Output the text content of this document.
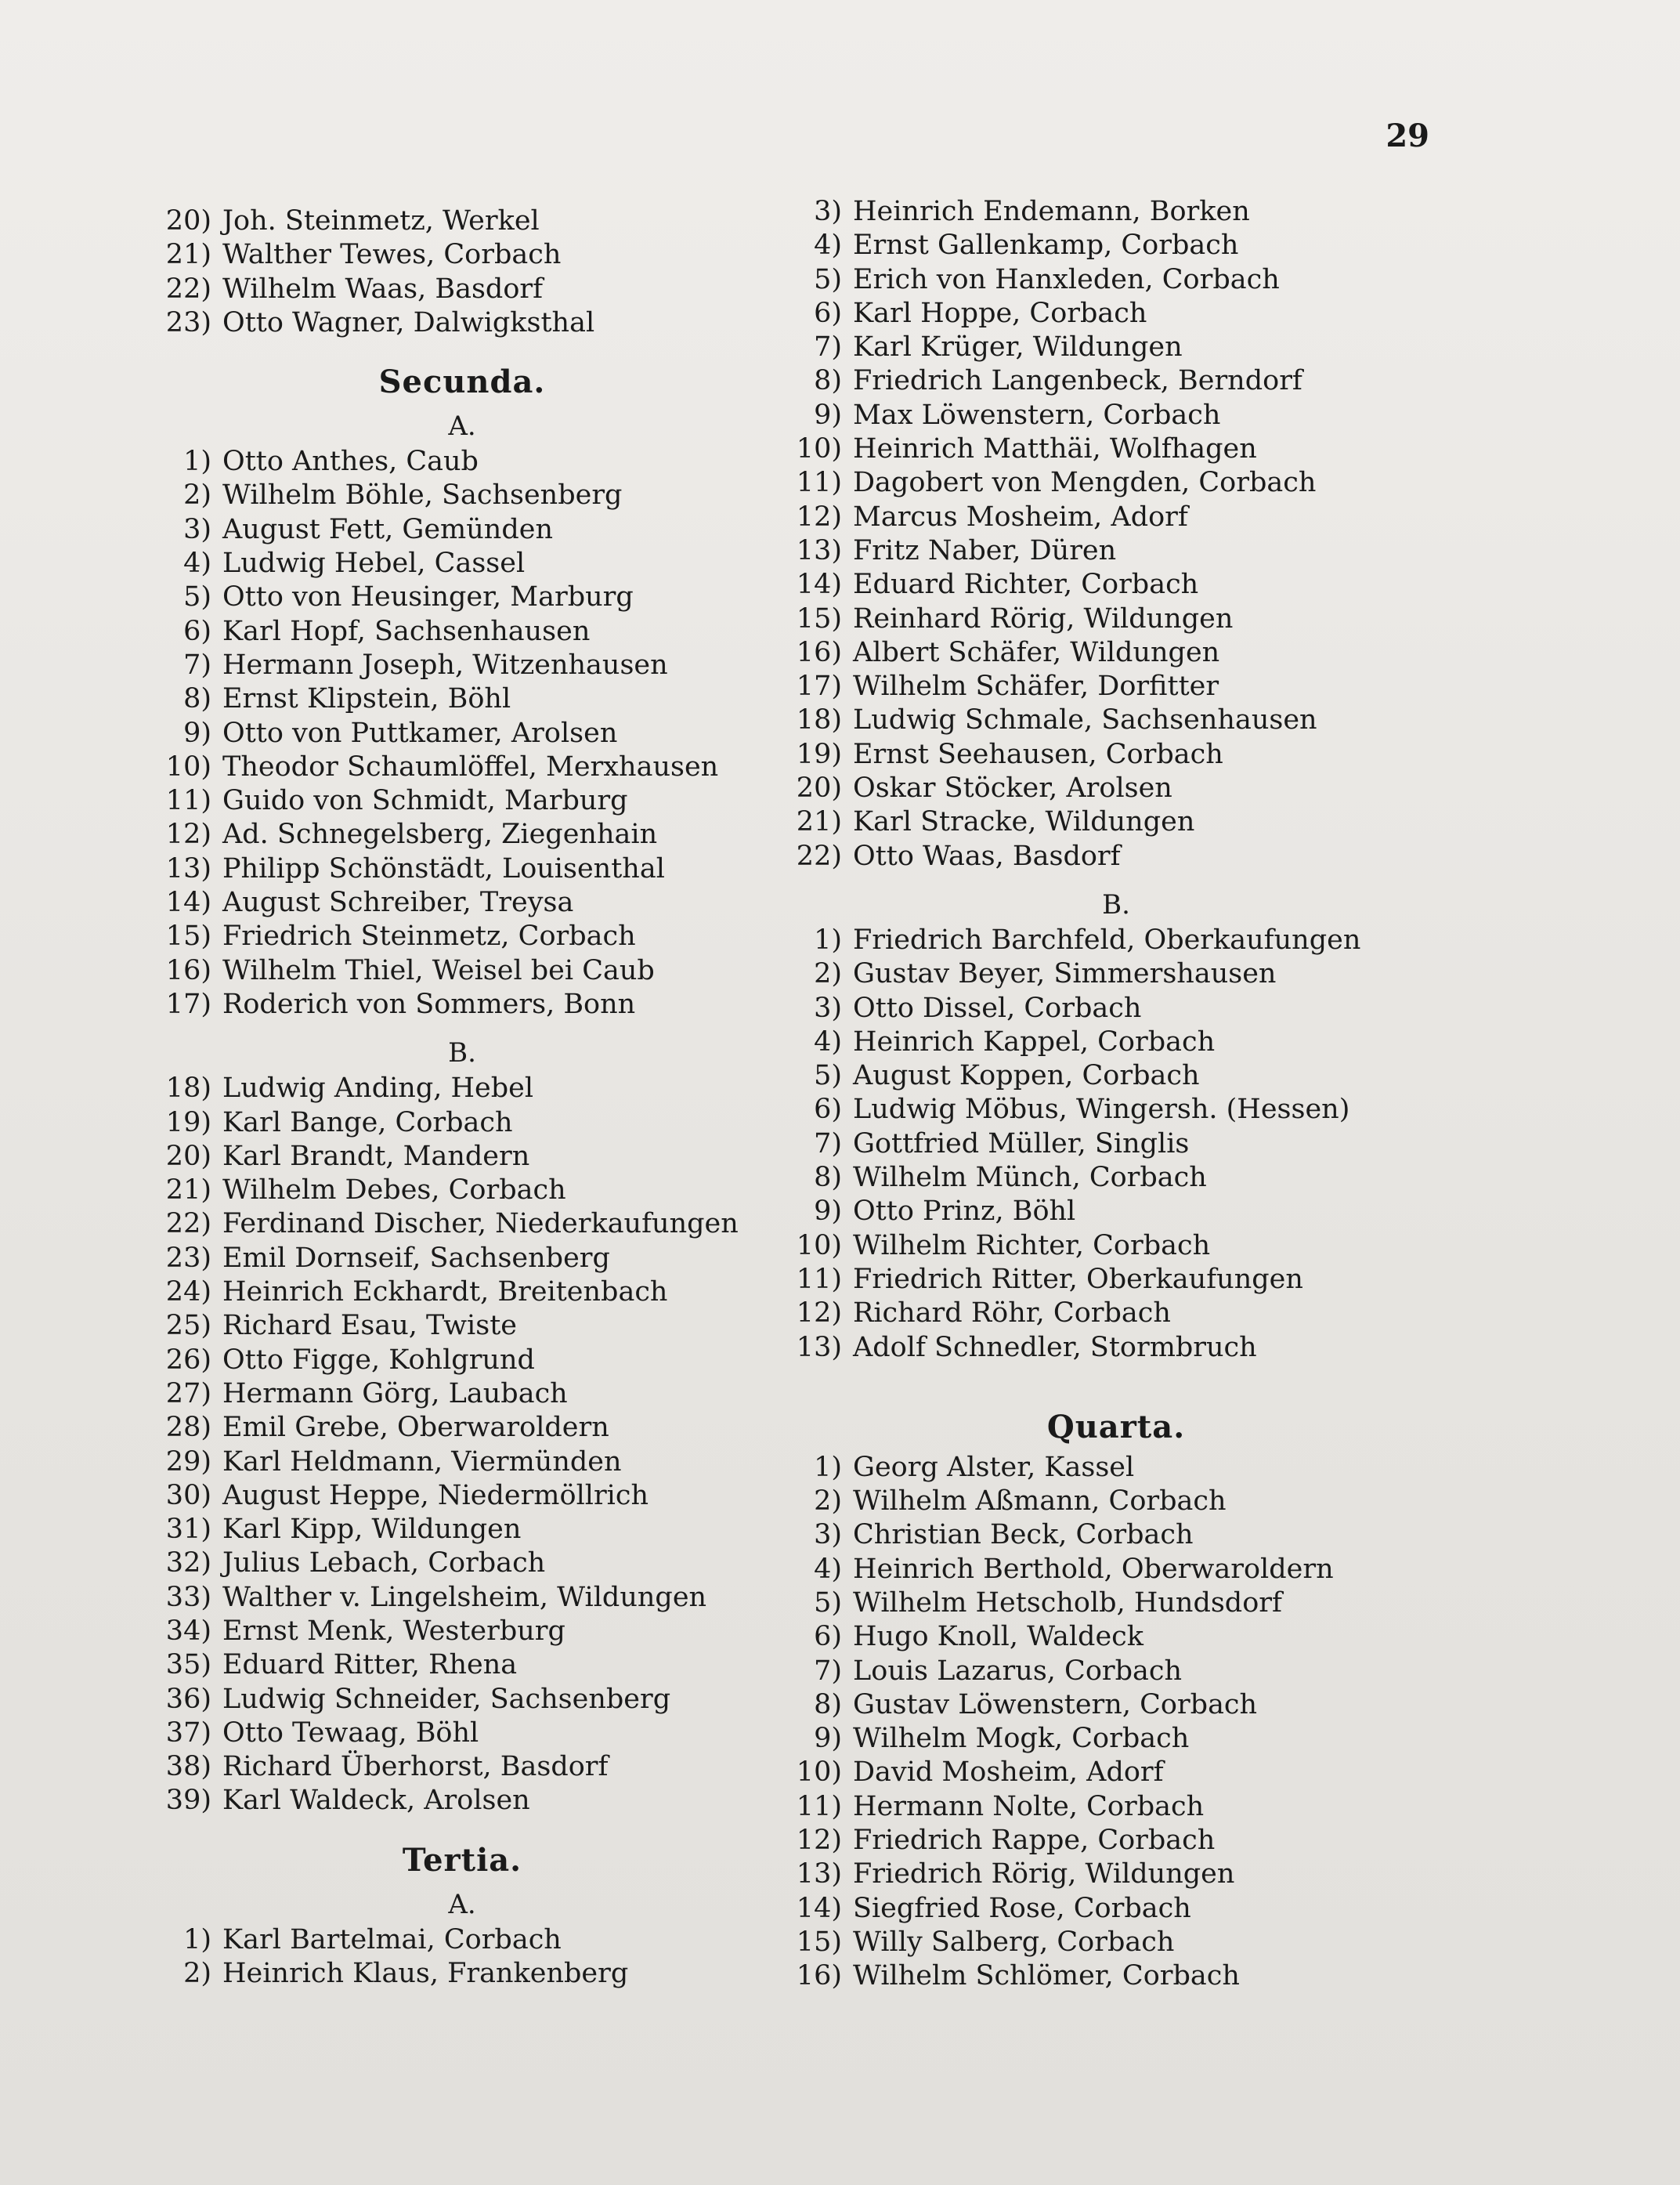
29
20) Joh. Steinmetz, Werkel
21) Walther Tewes, Corbach
22) Wilhelm Waas, Basdorf
23) Otto Wagner, Dalwigksthal
Secunda.
A.
1) Otto Anthes, Caub
2) Wilhelm Böhle, Sachsenberg
3) August Fett, Gemünden
4) Ludwig Hebel, Cassel
5) Otto von Heusinger, Marburg
6) Karl Hopf, Sachsenhausen
7) Hermann Joseph, Witzenhausen
8) Ernst Klipstein, Böhl
9) Otto von Puttkamer, Arolsen
10) Theodor Schaumlöffel, Merxhausen
11) Guido von Schmidt, Marburg
12) Ad. Schnegelsberg, Ziegenhain
13) Philipp Schönstädt, Louisenthal
14) August Schreiber, Treysa
15) Friedrich Steinmetz, Corbach
16) Wilhelm Thiel, Weisel bei Caub
17) Roderich von Sommers, Bonn
B.
18) Ludwig Anding, Hebel
19) Karl Bange, Corbach
20) Karl Brandt, Mandern
21) Wilhelm Debes, Corbach
22) Ferdinand Discher, Niederkaufungen
23) Emil Dornseif, Sachsenberg
24) Heinrich Eckhardt, Breitenbach
25) Richard Esau, Twiste
26) Otto Figge, Kohlgrund
27) Hermann Görg, Laubach
28) Emil Grebe, Oberwaroldern
29) Karl Heldmann, Viermünden
30) August Heppe, Niedermöllrich
31) Karl Kipp, Wildungen
32) Julius Lebach, Corbach
33) Walther v. Lingelsheim, Wildungen
34) Ernst Menk, Westerburg
35) Eduard Ritter, Rhena
36) Ludwig Schneider, Sachsenberg
37) Otto Tewaag, Böhl
38) Richard Überhorst, Basdorf
39) Karl Waldeck, Arolsen
Tertia.
A.
1) Karl Bartelmai, Corbach
2) Heinrich Klaus, Frankenberg
3) Heinrich Endemann, Borken
4) Ernst Gallenkamp, Corbach
5) Erich von Hanxleden, Corbach
6) Karl Hoppe, Corbach
7) Karl Krüger, Wildungen
8) Friedrich Langenbeck, Berndorf
9) Max Löwenstern, Corbach
10) Heinrich Matthäi, Wolfhagen
11) Dagobert von Mengden, Corbach
12) Marcus Mosheim, Adorf
13) Fritz Naber, Düren
14) Eduard Richter, Corbach
15) Reinhard Rörig, Wildungen
16) Albert Schäfer, Wildungen
17) Wilhelm Schäfer, Dorfitter
18) Ludwig Schmale, Sachsenhausen
19) Ernst Seehausen, Corbach
20) Oskar Stöcker, Arolsen
21) Karl Stracke, Wildungen
22) Otto Waas, Basdorf
B.
1) Friedrich Barchfeld, Oberkaufungen
2) Gustav Beyer, Simmershausen
3) Otto Dissel, Corbach
4) Heinrich Kappel, Corbach
5) August Koppen, Corbach
6) Ludwig Möbus, Wingersh. (Hessen)
7) Gottfried Müller, Singlis
8) Wilhelm Münch, Corbach
9) Otto Prinz, Böhl
10) Wilhelm Richter, Corbach
11) Friedrich Ritter, Oberkaufungen
12) Richard Röhr, Corbach
13) Adolf Schnedler, Stormbruch
Quarta.
1) Georg Alster, Kassel
2) Wilhelm Aßmann, Corbach
3) Christian Beck, Corbach
4) Heinrich Berthold, Oberwaroldern
5) Wilhelm Hetscholb, Hundsdorf
6) Hugo Knoll, Waldeck
7) Louis Lazarus, Corbach
8) Gustav Löwenstern, Corbach
9) Wilhelm Mogk, Corbach
10) David Mosheim, Adorf
11) Hermann Nolte, Corbach
12) Friedrich Rappe, Corbach
13) Friedrich Rörig, Wildungen
14) Siegfried Rose, Corbach
15) Willy Salberg, Corbach
16) Wilhelm Schlömer, Corbach
